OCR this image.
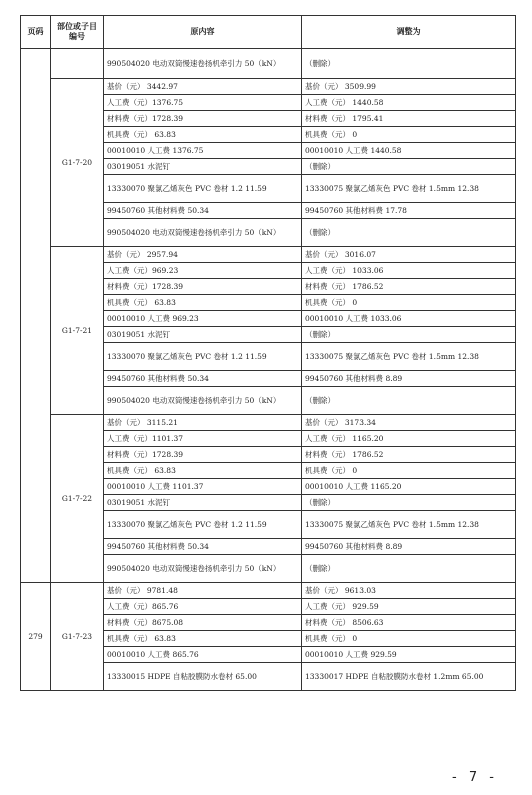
页码	部位或子目编号	原内容	调整为
		990504020 电动双筒慢速卷扬机牵引力 50（kN）	（删除）
	G1-7-20	基价（元） 3442.97	基价（元） 3509.99
		人工费（元）1376.75	人工费（元） 1440.58
		材料费（元）1728.39	材料费（元） 1795.41
		机具费（元） 63.83	机具费（元） 0
		00010010 人工费 1376.75	00010010 人工费 1440.58
		03019051 水泥钉	（删除）
		13330070 聚氯乙烯灰色 PVC 卷材 1.2 11.59	13330075 聚氯乙烯灰色 PVC 卷材 1.5mm 12.38
		99450760 其他材料费 50.34	99450760 其他材料费 17.78
		990504020 电动双筒慢速卷扬机牵引力 50（kN）	（删除）
	G1-7-21	基价（元） 2957.94	基价（元） 3016.07
		人工费（元）969.23	人工费（元） 1033.06
		材料费（元）1728.39	材料费（元） 1786.52
		机具费（元） 63.83	机具费（元） 0
		00010010 人工费 969.23	00010010 人工费 1033.06
		03019051 水泥钉	（删除）
		13330070 聚氯乙烯灰色 PVC 卷材 1.2 11.59	13330075 聚氯乙烯灰色 PVC 卷材 1.5mm 12.38
		99450760 其他材料费 50.34	99450760 其他材料费 8.89
		990504020 电动双筒慢速卷扬机牵引力 50（kN）	（删除）
	G1-7-22	基价（元） 3115.21	基价（元） 3173.34
		人工费（元）1101.37	人工费（元） 1165.20
		材料费（元）1728.39	材料费（元） 1786.52
		机具费（元） 63.83	机具费（元） 0
		00010010 人工费 1101.37	00010010 人工费 1165.20
		03019051 水泥钉	（删除）
		13330070 聚氯乙烯灰色 PVC 卷材 1.2 11.59	13330075 聚氯乙烯灰色 PVC 卷材 1.5mm 12.38
		99450760 其他材料费 50.34	99450760 其他材料费 8.89
		990504020 电动双筒慢速卷扬机牵引力 50（kN）	（删除）
279	G1-7-23	基价（元） 9781.48	基价（元） 9613.03
		人工费（元）865.76	人工费（元） 929.59
		材料费（元）8675.08	材料费（元） 8506.63
		机具费（元） 63.83	机具费（元） 0
		00010010 人工费 865.76	00010010 人工费 929.59
		13330015 HDPE 自粘胶膜防水卷材 65.00	13330017 HDPE 自粘胶膜防水卷材 1.2mm 65.00
- 7 -
